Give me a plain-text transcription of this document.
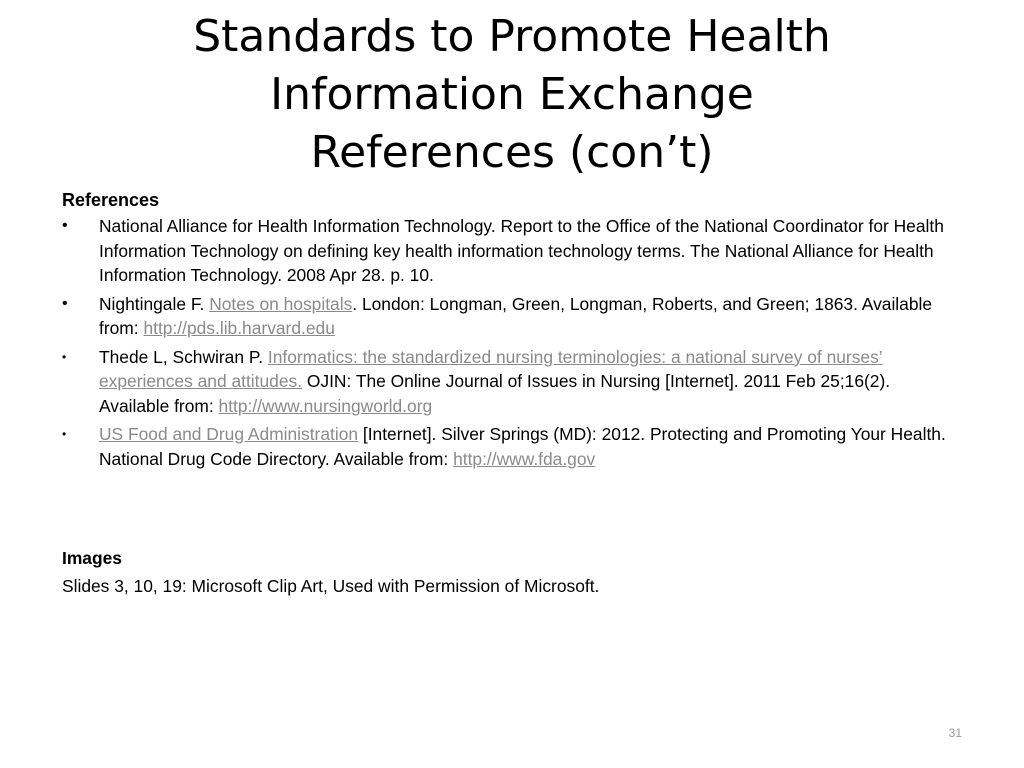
Standards to Promote Health
Information Exchange
References (con’t)

References

• National Alliance for Health Information Technology. Report to the Office of the National Coordinator for Health Information Technology on defining key health information technology terms. The National Alliance for Health Information Technology. 2008 Apr 28. p. 10.
• Nightingale F. Notes on hospitals. London: Longman, Green, Longman, Roberts, and Green; 1863. Available from: http://pds.lib.harvard.edu
• Thede L, Schwiran P. Informatics: the standardized nursing terminologies: a national survey of nurses’ experiences and attitudes. OJIN: The Online Journal of Issues in Nursing [Internet]. 2011 Feb 25;16(2). Available from: http://www.nursingworld.org
• US Food and Drug Administration [Internet]. Silver Springs (MD): 2012. Protecting and Promoting Your Health. National Drug Code Directory. Available from: http://www.fda.gov

Images

Slides 3, 10, 19: Microsoft Clip Art, Used with Permission of Microsoft.

31
